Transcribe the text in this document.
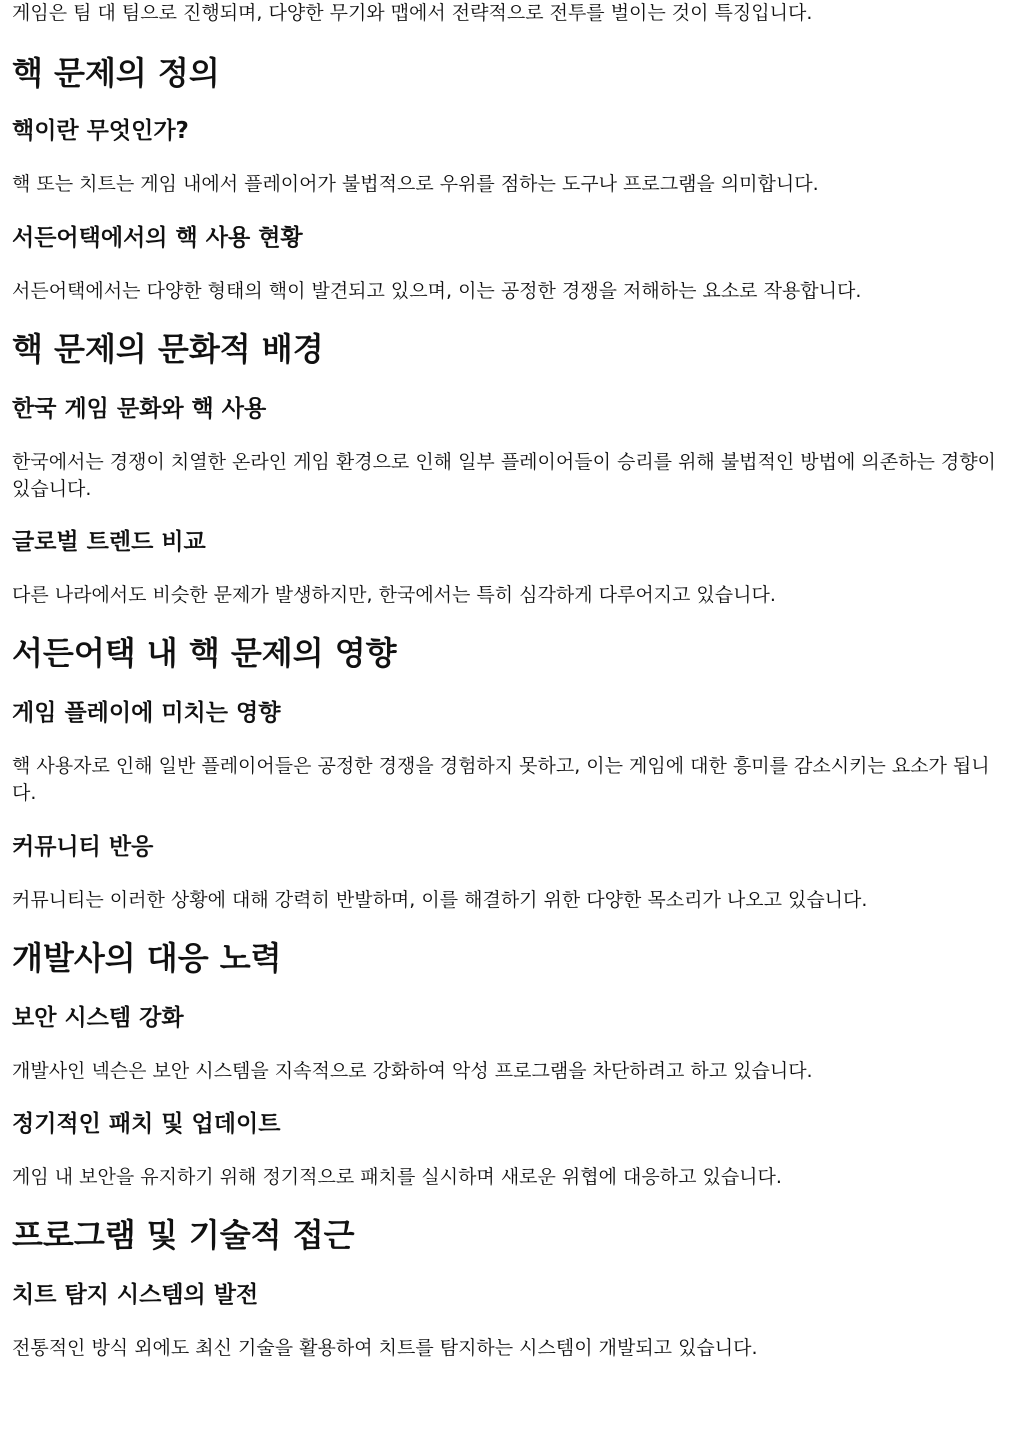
게임은 팀 대 팀으로 진행되며, 다양한 무기와 맵에서 전략적으로 전투를 벌이는 것이 특징입니다.

핵 문제의 정의
핵이란 무엇인가?

핵 또는 치트는 게임 내에서 플레이어가 불법적으로 우위를 점하는 도구나 프로그램을 의미합니다.

서든어택에서의 핵 사용 현황

서든어택에서는 다양한 형태의 핵이 발견되고 있으며, 이는 공정한 경쟁을 저해하는 요소로 작용합니다.

핵 문제의 문화적 배경
한국 게임 문화와 핵 사용

한국에서는 경쟁이 치열한 온라인 게임 환경으로 인해 일부 플레이어들이 승리를 위해 불법적인 방법에 의존하는 경향이 있습니다.

글로벌 트렌드 비교

다른 나라에서도 비슷한 문제가 발생하지만, 한국에서는 특히 심각하게 다루어지고 있습니다.

서든어택 내 핵 문제의 영향
게임 플레이에 미치는 영향

핵 사용자로 인해 일반 플레이어들은 공정한 경쟁을 경험하지 못하고, 이는 게임에 대한 흥미를 감소시키는 요소가 됩니다.

커뮤니티 반응

커뮤니티는 이러한 상황에 대해 강력히 반발하며, 이를 해결하기 위한 다양한 목소리가 나오고 있습니다.

개발사의 대응 노력
보안 시스템 강화

개발사인 넥슨은 보안 시스템을 지속적으로 강화하여 악성 프로그램을 차단하려고 하고 있습니다.

정기적인 패치 및 업데이트

게임 내 보안을 유지하기 위해 정기적으로 패치를 실시하며 새로운 위협에 대응하고 있습니다.

프로그램 및 기술적 접근
치트 탐지 시스템의 발전

전통적인 방식 외에도 최신 기술을 활용하여 치트를 탐지하는 시스템이 개발되고 있습니다.
